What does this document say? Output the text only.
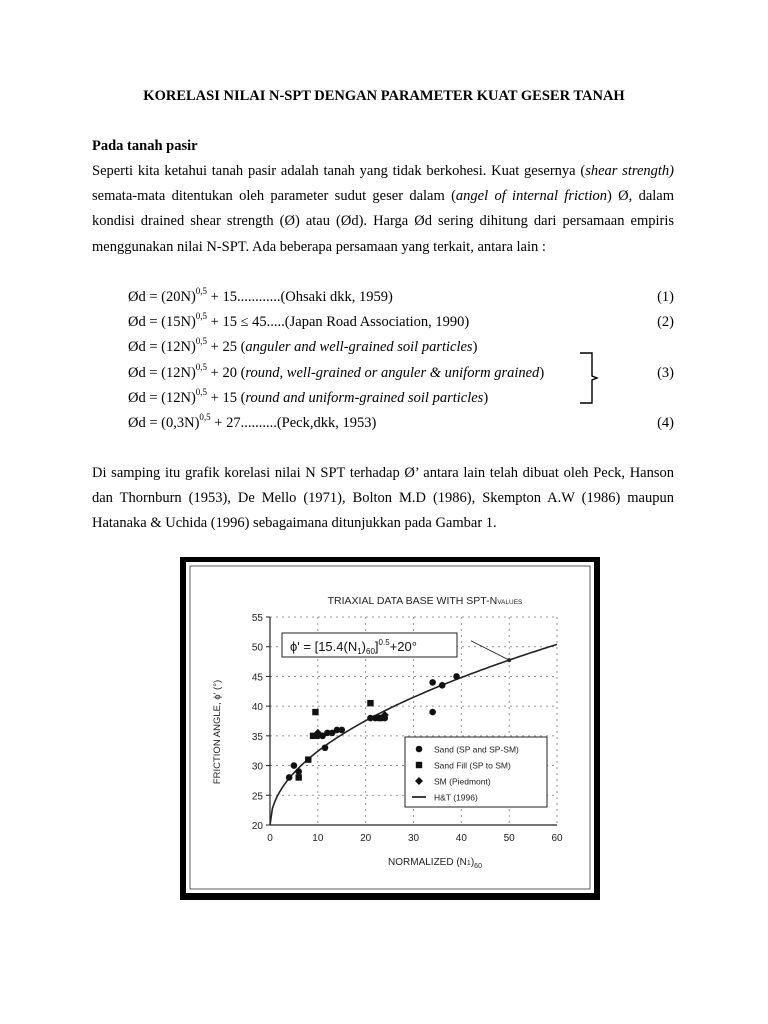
KORELASI NILAI N-SPT DENGAN PARAMETER KUAT GESER TANAH
Pada tanah pasir
Seperti kita ketahui tanah pasir adalah tanah yang tidak berkohesi. Kuat gesernya (shear strength) semata-mata ditentukan oleh parameter sudut geser dalam (angel of internal friction) Ø, dalam kondisi drained shear strength (Ø) atau (Ød). Harga Ød sering dihitung dari persamaan empiris menggunakan nilai N-SPT. Ada beberapa persamaan yang terkait, antara lain :
Ød = $(20N)^{0,5}$ + 15............(Ohsaki dkk, 1959)	(1)
Ød = $(15N)^{0,5} + 15$ ≤ 45.....(Japan Road Association, 1990)	(2)
Ød = $(12N)^{0,5} + 25$ (anguler and well-grained soil particles)
Ød = $(12N)^{0,5} + 20$ (round, well-grained or anguler & uniform grained)	(3)
Ød = $(12N)^{0,5} + 15$ (round and uniform-grained soil particles)
Ød = $(0,3N)^{0,5}$ + 27..........(Peck,dkk, 1953)	(4)
Di samping itu grafik korelasi nilai N SPT terhadap Ø’ antara lain telah dibuat oleh Peck, Hanson dan Thornburn (1953), De Mello (1971), Bolton M.D (1986), Skempton A.W (1986) maupun Hatanaka & Uchida (1996) sebagaimana ditunjukkan pada Gambar 1.
TRIAXIAL DATA BASE WITH SPT-NVALUES
FRICTION ANGLE, ϕ' (°)
NORMALIZED $(N1)_{60}$
0	10	20	30	40	50	60
20
25
30
35
40
45
50
55
$\phi' = [15.4(N_1)_{60}]^{0.5}+20^\circ$
Sand (SP and SP-SM)
Sand Fill (SP to SM)
SM (Piedmont)
H&T (1996)
